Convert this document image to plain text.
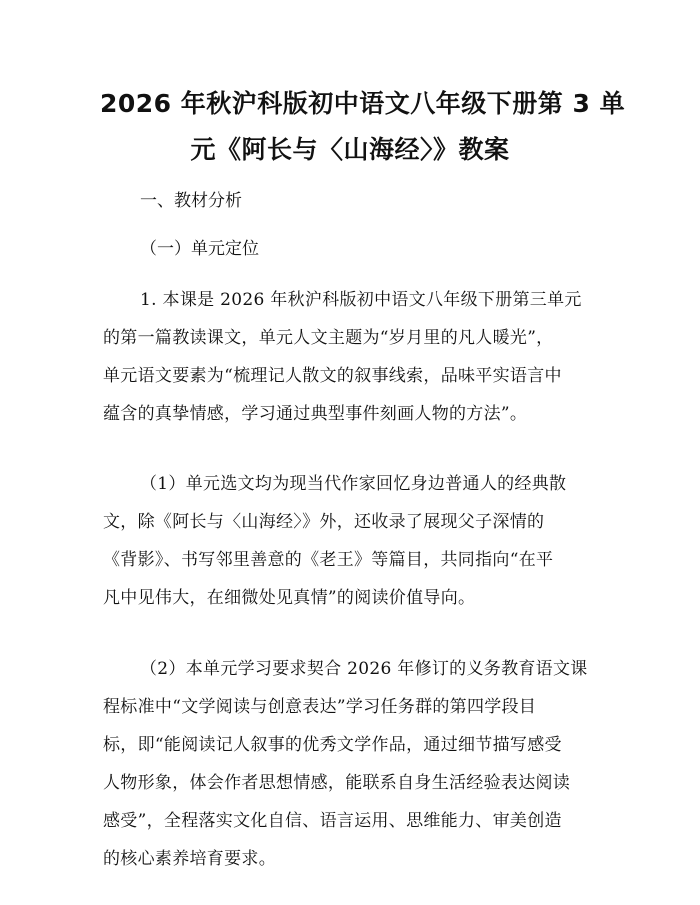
2026 年秋沪科版初中语文八年级下册第 3 单
元《阿长与〈山海经〉》教案
一、教材分析
（一）单元定位
1. 本课是 2026 年秋沪科版初中语文八年级下册第三单元
的第一篇教读课文，单元人文主题为“岁月里的凡人暖光”，
单元语文要素为“梳理记人散文的叙事线索，品味平实语言中
蕴含的真挚情感，学习通过典型事件刻画人物的方法”。
（1）单元选文均为现当代作家回忆身边普通人的经典散
文，除《阿长与〈山海经〉》外，还收录了展现父子深情的
《背影》、书写邻里善意的《老王》等篇目，共同指向“在平
凡中见伟大，在细微处见真情”的阅读价值导向。
（2）本单元学习要求契合 2026 年修订的义务教育语文课
程标准中“文学阅读与创意表达”学习任务群的第四学段目
标，即“能阅读记人叙事的优秀文学作品，通过细节描写感受
人物形象，体会作者思想情感，能联系自身生活经验表达阅读
感受”，全程落实文化自信、语言运用、思维能力、审美创造
的核心素养培育要求。
